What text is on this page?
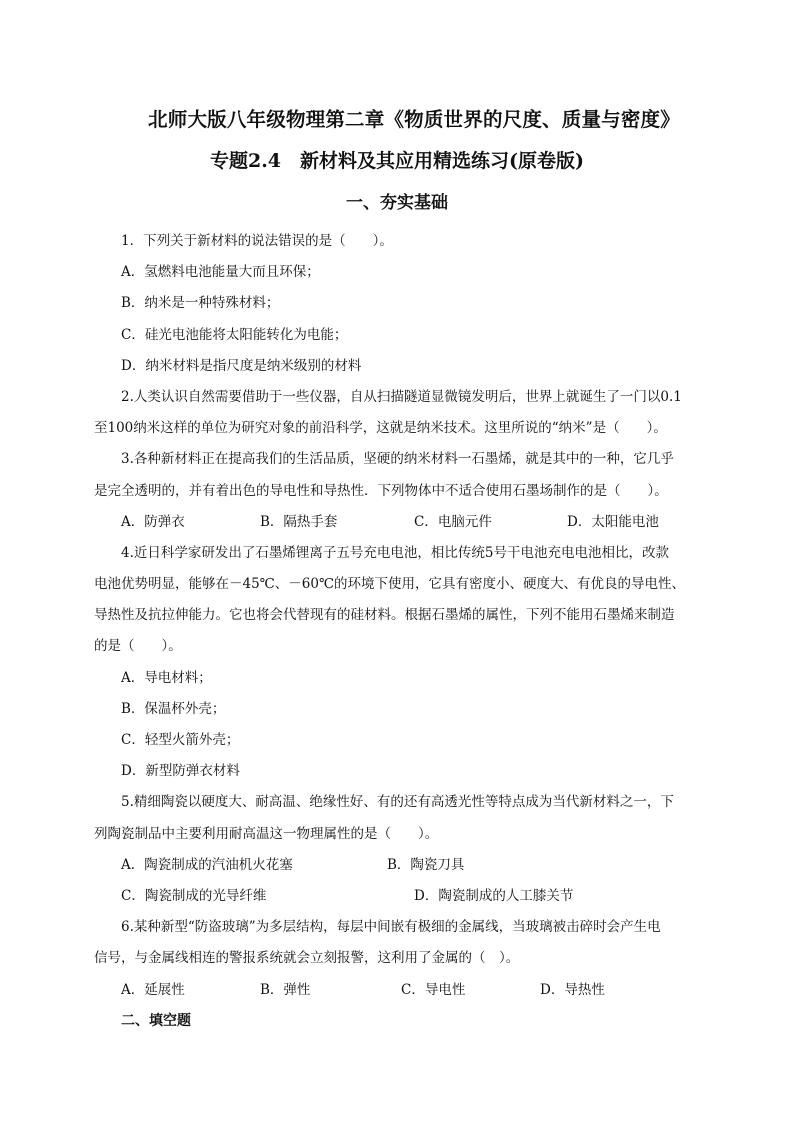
北师大版八年级物理第二章《物质世界的尺度、质量与密度》
专题2.4　新材料及其应用精选练习(原卷版)
一、夯实基础
1．下列关于新材料的说法错误的是（　　）。
A．氢燃料电池能量大而且环保；
B．纳米是一种特殊材料；
C．硅光电池能将太阳能转化为电能；
D．纳米材料是指尺度是纳米级别的材料
2.人类认识自然需要借助于一些仪器，自从扫描隧道显微镜发明后，世界上就诞生了一门以0.1
至100纳米这样的单位为研究对象的前沿科学，这就是纳米技术。这里所说的“纳米”是（　　）。
3.各种新材料正在提高我们的生活品质，坚硬的纳米材料一石墨烯，就是其中的一种，它几乎
是完全透明的，并有着出色的导电性和导热性．下列物体中不适合使用石墨场制作的是（　　）。
A．防弹衣	B．隔热手套	C．电脑元件	D．太阳能电池
4.近日科学家研发出了石墨烯锂离子五号充电电池，相比传统5号干电池充电电池相比，改款
电池优势明显，能够在－45℃、－60℃的环境下使用，它具有密度小、硬度大、有优良的导电性、
导热性及抗拉伸能力。它也将会代替现有的硅材料。根据石墨烯的属性，下列不能用石墨烯来制造
的是（　　）。
A．导电材料；
B．保温杯外壳；
C．轻型火箭外壳；
D．新型防弹衣材料
5.精细陶瓷以硬度大、耐高温、绝缘性好、有的还有高透光性等特点成为当代新材料之一，下
列陶瓷制品中主要利用耐高温这一物理属性的是（　　）。
A．陶瓷制成的汽油机火花塞	B．陶瓷刀具
C．陶瓷制成的光导纤维	D．陶瓷制成的人工膝关节
6.某种新型“防盗玻璃”为多层结构，每层中间嵌有极细的金属线，当玻璃被击碎时会产生电
信号，与金属线相连的警报系统就会立刻报警，这利用了金属的（　）。
A．延展性	B．弹性	C．导电性	D．导热性
二、填空题
